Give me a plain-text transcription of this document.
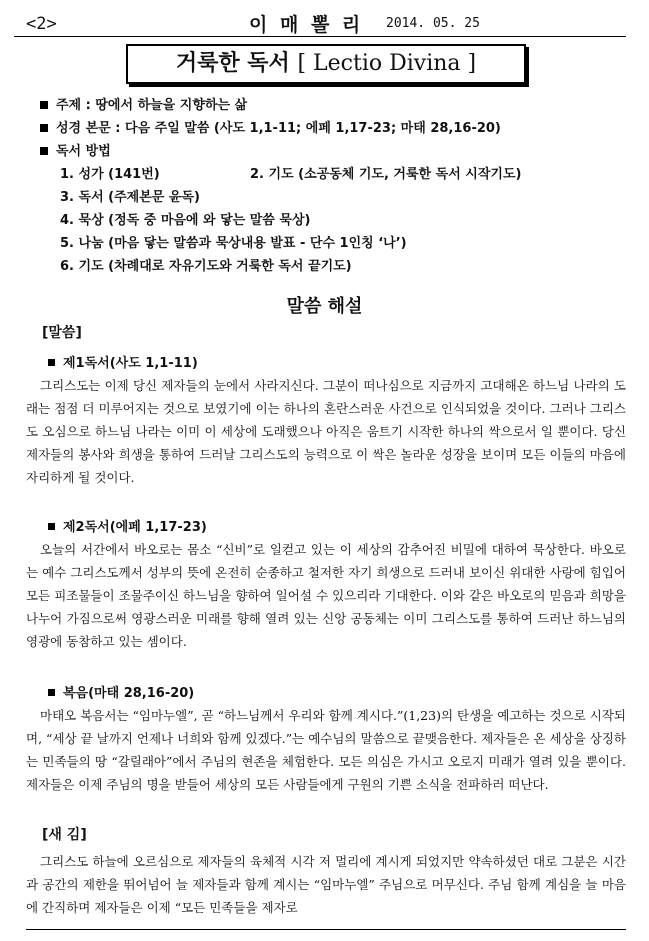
<2>	이 매 뽈 리 2014. 05. 25
거룩한 독서 [ Lectio Divina ]
주제 : 땅에서 하늘을 지향하는 삶
성경 본문 : 다음 주일 말씀 (사도 1,1-11; 에페 1,17-23; 마태 28,16-20)
독서 방법
1. 성가 (141번)	2. 기도 (소공동체 기도, 거룩한 독서 시작기도)
3. 독서 (주제본문 윤독)
4. 묵상 (정독 중 마음에 와 닿는 말씀 묵상)
5. 나눔 (마음 닿는 말씀과 묵상내용 발표 - 단수 1인칭 ‘나’)
6. 기도 (차례대로 자유기도와 거룩한 독서 끝기도)
말씀 해설
[말씀]
제1독서(사도 1,1-11)
그리스도는 이제 당신 제자들의 눈에서 사라지신다. 그분이 떠나심으로 지금까지 고대해온 하느님 나라의 도래는 점점 더 미루어지는 것으로 보였기에 이는 하나의 혼란스러운 사건으로 인식되었을 것이다. 그러나 그리스도 오심으로 하느님 나라는 이미 이 세상에 도래했으나 아직은 움트기 시작한 하나의 싹으로서 일 뿐이다. 당신 제자들의 봉사와 희생을 통하여 드러날 그리스도의 능력으로 이 싹은 놀라운 성장을 보이며 모든 이들의 마음에 자리하게 될 것이다.
제2독서(에페 1,17-23)
오늘의 서간에서 바오로는 몸소 “신비”로 일컫고 있는 이 세상의 감추어진 비밀에 대하여 묵상한다. 바오로는 예수 그리스도께서 성부의 뜻에 온전히 순종하고 철저한 자기 희생으로 드러내 보이신 위대한 사랑에 힘입어 모든 피조물들이 조물주이신 하느님을 향하여 일어설 수 있으리라 기대한다. 이와 같은 바오로의 믿음과 희망을 나누어 가짐으로써 영광스러운 미래를 향해 열려 있는 신앙 공동체는 이미 그리스도를 통하여 드러난 하느님의 영광에 동참하고 있는 셈이다.
복음(마태 28,16-20)
마태오 복음서는 “임마누엘”, 곧 “하느님께서 우리와 함께 계시다.”(1,23)의 탄생을 예고하는 것으로 시작되며, “세상 끝 날까지 언제나 너희와 함께 있겠다.”는 예수님의 말씀으로 끝맺음한다. 제자들은 온 세상을 상징하는 민족들의 땅 “갈릴래아”에서 주님의 현존을 체험한다. 모든 의심은 가시고 오로지 미래가 열려 있을 뿐이다. 제자들은 이제 주님의 명을 받들어 세상의 모든 사람들에게 구원의 기쁜 소식을 전파하러 떠난다.
[새 김]
그리스도 하늘에 오르심으로 제자들의 육체적 시각 저 멀리에 계시게 되었지만 약속하셨던 대로 그분은 시간과 공간의 제한을 뛰어넘어 늘 제자들과 함께 계시는 “임마누엘” 주님으로 머무신다. 주님 함께 계심을 늘 마음에 간직하며 제자들은 이제 “모든 민족들을 제자로
